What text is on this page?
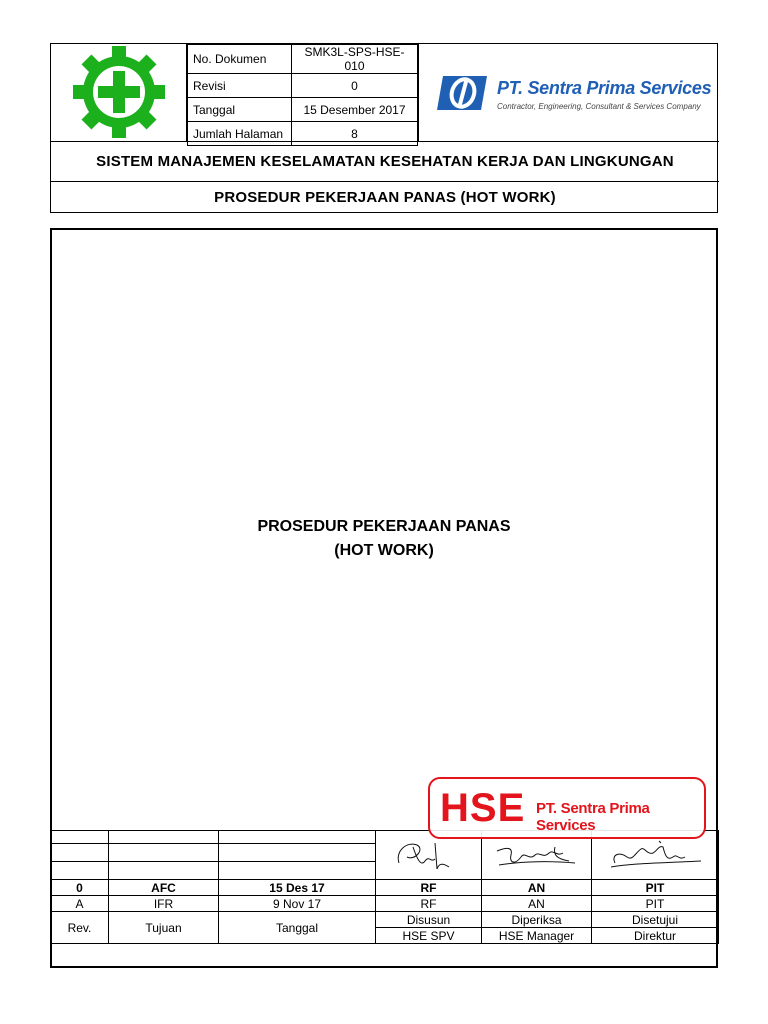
No. Dokumen	SMK3L-SPS-HSE-010
Revisi	0
Tanggal	15 Desember 2017
Jumlah Halaman	8
PT. Sentra Prima Services
Contractor, Engineering, Consultant & Services Company
SISTEM MANAJEMEN KESELAMATAN KESEHATAN KERJA DAN LINGKUNGAN
PROSEDUR PEKERJAAN PANAS (HOT WORK)
PROSEDUR PEKERJAAN PANAS
(HOT WORK)

0	AFC	15 Des 17	RF	AN	PIT
A	IFR	9 Nov 17	RF	AN	PIT
Rev.	Tujuan	Tanggal	Disusun	Diperiksa	Disetujui
			HSE SPV	HSE Manager	Direktur
HSE PT. Sentra Prima Services
